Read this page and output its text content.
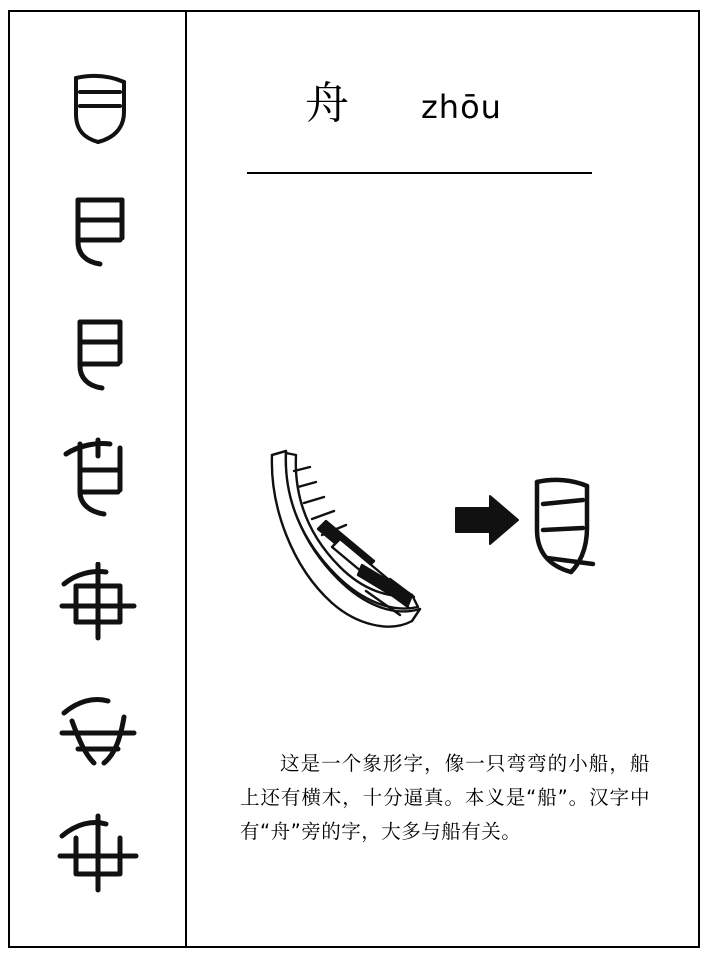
舟 zhōu
这是一个象形字，像一只弯弯的小船，船上还有横木，十分逼真。本义是“船”。汉字中有“舟”旁的字，大多与船有关。
